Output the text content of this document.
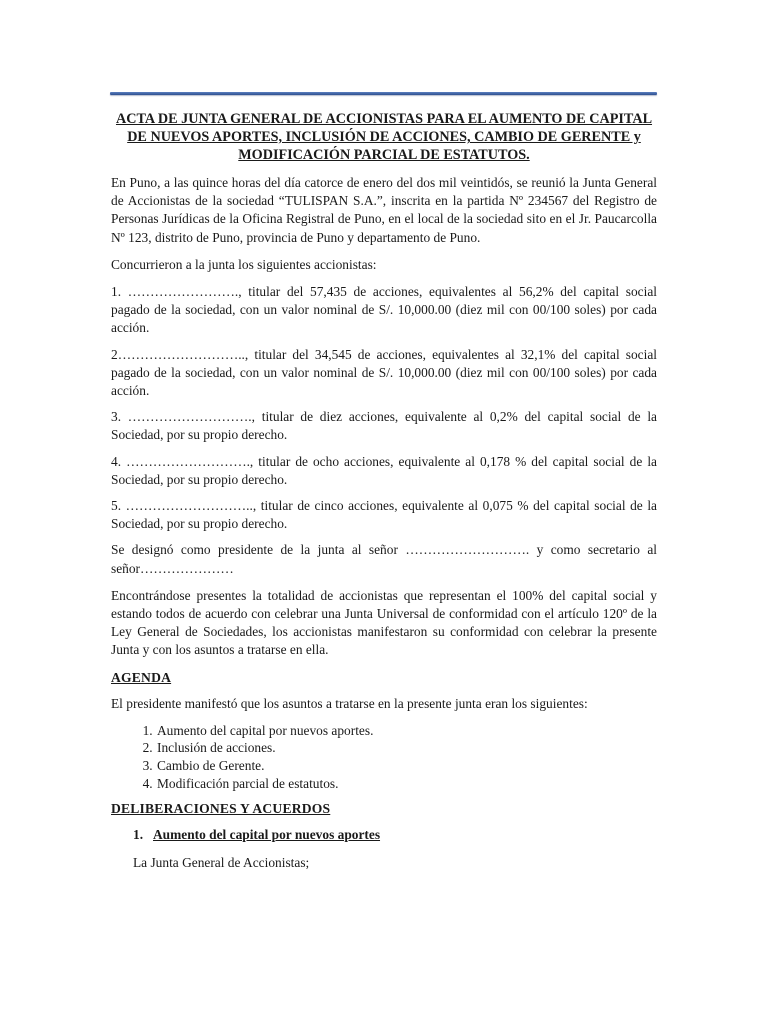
ACTA DE JUNTA GENERAL DE ACCIONISTAS PARA EL AUMENTO DE CAPITAL DE NUEVOS APORTES, INCLUSIÓN DE ACCIONES, CAMBIO DE GERENTE y MODIFICACIÓN PARCIAL DE ESTATUTOS.

En Puno, a las quince horas del día catorce de enero del dos mil veintidós, se reunió la Junta General de Accionistas de la sociedad “TULISPAN S.A.”, inscrita en la partida Nº 234567 del Registro de Personas Jurídicas de la Oficina Registral de Puno, en el local de la sociedad sito en el Jr. Paucarcolla Nº 123, distrito de Puno, provincia de Puno y departamento de Puno.

Concurrieron a la junta los siguientes accionistas:

1. ……………………., titular del 57,435 de acciones, equivalentes al 56,2% del capital social pagado de la sociedad, con un valor nominal de S/. 10,000.00 (diez mil con 00/100 soles) por cada acción.

2……………………….., titular del 34,545 de acciones, equivalentes al 32,1% del capital social pagado de la sociedad, con un valor nominal de S/. 10,000.00 (diez mil con 00/100 soles) por cada acción.

3. ………………………., titular de diez acciones, equivalente al 0,2% del capital social de la Sociedad, por su propio derecho.

4. ………………………., titular de ocho acciones, equivalente al 0,178 % del capital social de la Sociedad, por su propio derecho.

5. ……………………….., titular de cinco acciones, equivalente al 0,075 % del capital social de la Sociedad, por su propio derecho.

Se designó como presidente de la junta al señor ………………………. y como secretario al señor…………………

Encontrándose presentes la totalidad de accionistas que representan el 100% del capital social y estando todos de acuerdo con celebrar una Junta Universal de conformidad con el artículo 120º de la Ley General de Sociedades, los accionistas manifestaron su conformidad con celebrar la presente Junta y con los asuntos a tratarse en ella.

AGENDA

El presidente manifestó que los asuntos a tratarse en la presente junta eran los siguientes:

1. Aumento del capital por nuevos aportes.
2. Inclusión de acciones.
3. Cambio de Gerente.
4. Modificación parcial de estatutos.
DELIBERACIONES Y ACUERDOS
1. Aumento del capital por nuevos aportes

La Junta General de Accionistas;
